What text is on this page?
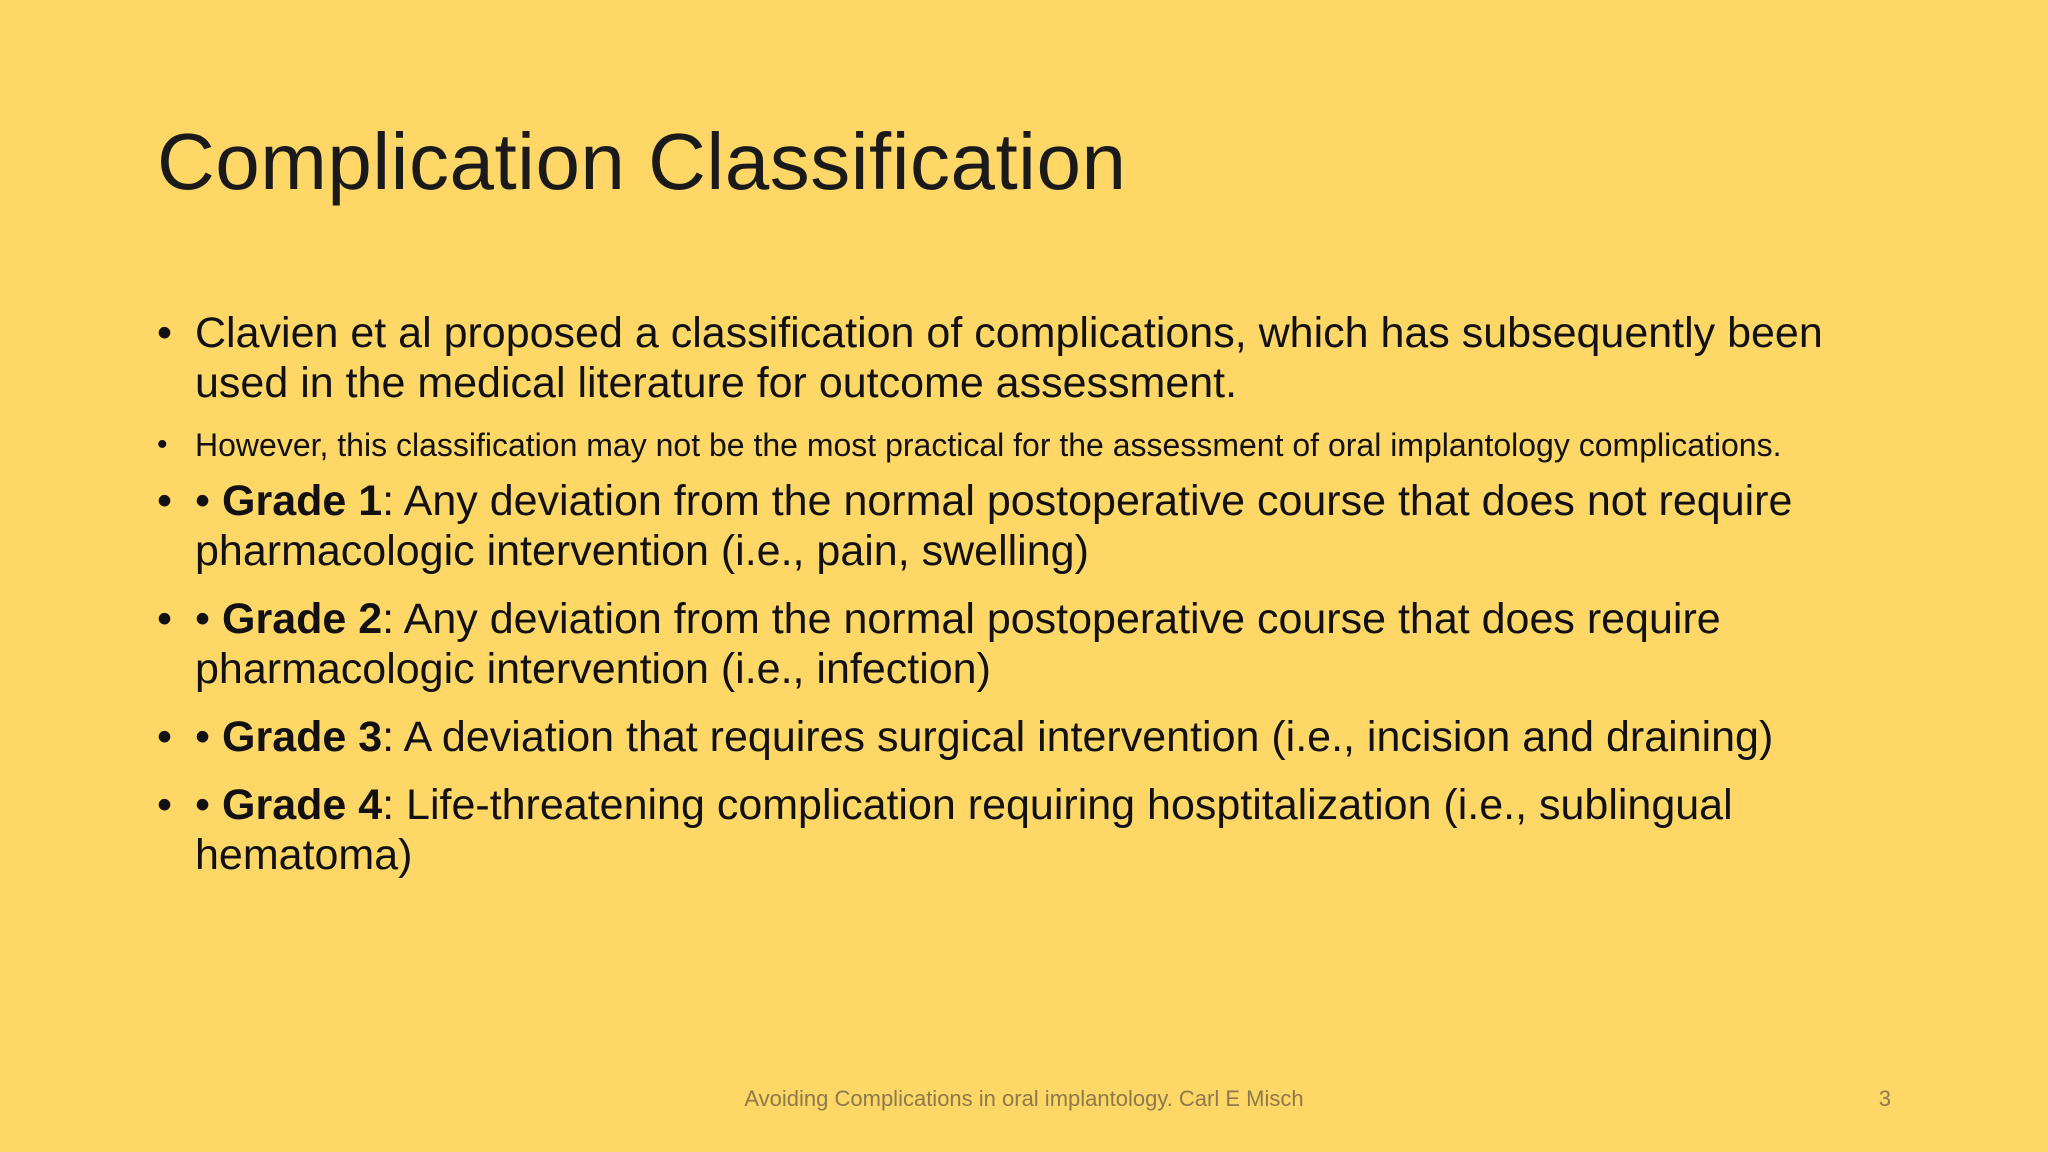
Complication Classification
• Clavien et al proposed a classification of complications, which has subsequently been used in the medical literature for outcome assessment.
• However, this classification may not be the most practical for the assessment of oral implantology complications.
• • Grade 1: Any deviation from the normal postoperative course that does not require pharmacologic intervention (i.e., pain, swelling)
• • Grade 2: Any deviation from the normal postoperative course that does require pharmacologic intervention (i.e., infection)
• • Grade 3: A deviation that requires surgical intervention (i.e., incision and draining)
• • Grade 4: Life-threatening complication requiring hosptitalization (i.e., sublingual hematoma)
Avoiding Complications in oral implantology. Carl E Misch	3
